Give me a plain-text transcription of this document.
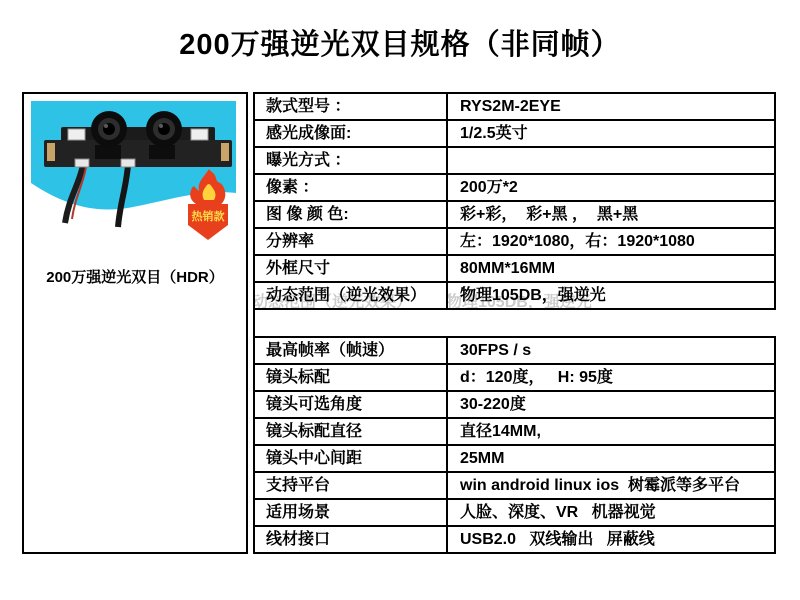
200万强逆光双目规格（非同帧）
热销款
200万强逆光双目（HDR）
款式型号 ：	RYS2M-2EYE
感光成像面:	1/2.5英寸
曝光方式 ：
像素 ：	200万*2
图 像 颜 色:	彩+彩，  彩+黑 ，  黑+黑
分辨率	左：1920*1080，右：1920*1080
外框尺寸	80MM*16MM
动态范围（逆光效果）	物理105DB，强逆光
最高帧率（帧速）	30FPS / s
镜头标配	d：120度，   H: 95度
镜头可选角度	30-220度
镜头标配直径	直径14MM,
镜头中心间距	25MM
支持平台	win android linux ios  树霉派等多平台
适用场景	人脸、深度、VR   机器视觉
线材接口	USB2.0   双线输出   屏蔽线
